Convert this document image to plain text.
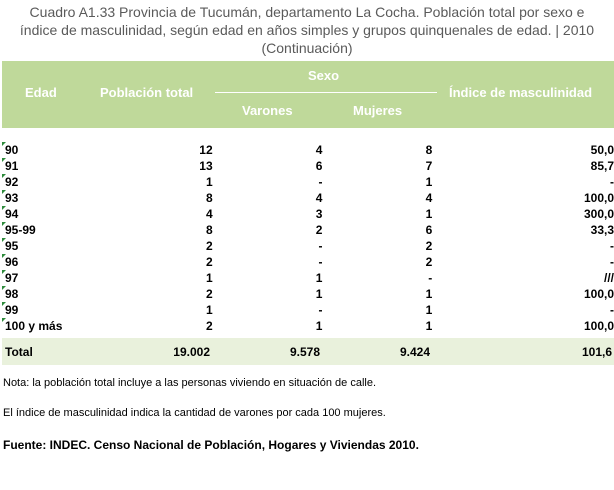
Cuadro A1.33 Provincia de Tucumán, departamento La Cocha. Población total por sexo e
índice de masculinidad, según edad en años simples y grupos quinquenales de edad. | 2010
(Continuación)
Edad	Población total
Sexo
Varones	Mujeres
Índice de masculinidad
90	12	4	8	50,0

91	13	6	7	85,7

92	1	-	1	-

93	8	4	4	100,0

94	4	3	1	300,0

95-99	8	2	6	33,3

95	2	-	2	-

96	2	-	2	-

97	1	1	-	///

98	2	1	1	100,0

99	1	-	1	-

100 y más	2	1	1	100,0
Total	19.002	9.578	9.424	101,6
Nota: la población total incluye a las personas viviendo en situación de calle.
El índice de masculinidad indica la cantidad de varones por cada 100 mujeres.
Fuente: INDEC. Censo Nacional de Población, Hogares y Viviendas 2010.
